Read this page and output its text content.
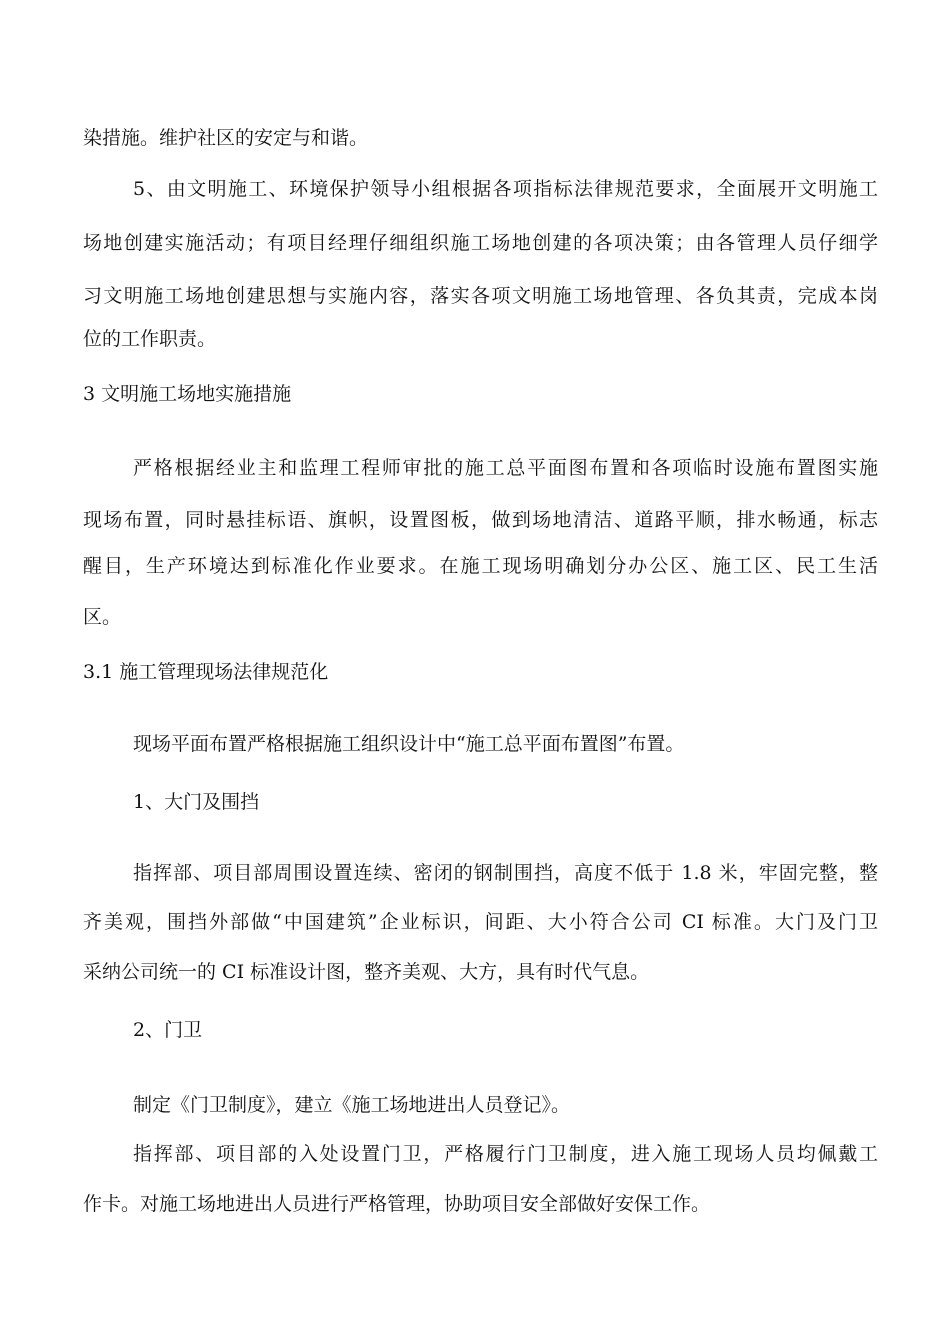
染措施。维护社区的安定与和谐。

5、由文明施工、环境保护领导小组根据各项指标法律规范要求，全面展开文明施工

场地创建实施活动；有项目经理仔细组织施工场地创建的各项决策；由各管理人员仔细学

习文明施工场地创建思想与实施内容，落实各项文明施工场地管理、各负其责，完成本岗

位的工作职责。

3 文明施工场地实施措施

严格根据经业主和监理工程师审批的施工总平面图布置和各项临时设施布置图实施

现场布置，同时悬挂标语、旗帜，设置图板，做到场地清洁、道路平顺，排水畅通，标志

醒目，生产环境达到标准化作业要求。在施工现场明确划分办公区、施工区、民工生活

区。

3.1 施工管理现场法律规范化

现场平面布置严格根据施工组织设计中“施工总平面布置图”布置。

1、大门及围挡

指挥部、项目部周围设置连续、密闭的钢制围挡，高度不低于 1.8 米，牢固完整，整

齐美观，围挡外部做“中国建筑”企业标识，间距、大小符合公司 CI 标准。大门及门卫

采纳公司统一的 CI 标准设计图，整齐美观、大方，具有时代气息。

2、门卫

制定《门卫制度》，建立《施工场地进出人员登记》。

指挥部、项目部的入处设置门卫，严格履行门卫制度，进入施工现场人员均佩戴工

作卡。对施工场地进出人员进行严格管理，协助项目安全部做好安保工作。
